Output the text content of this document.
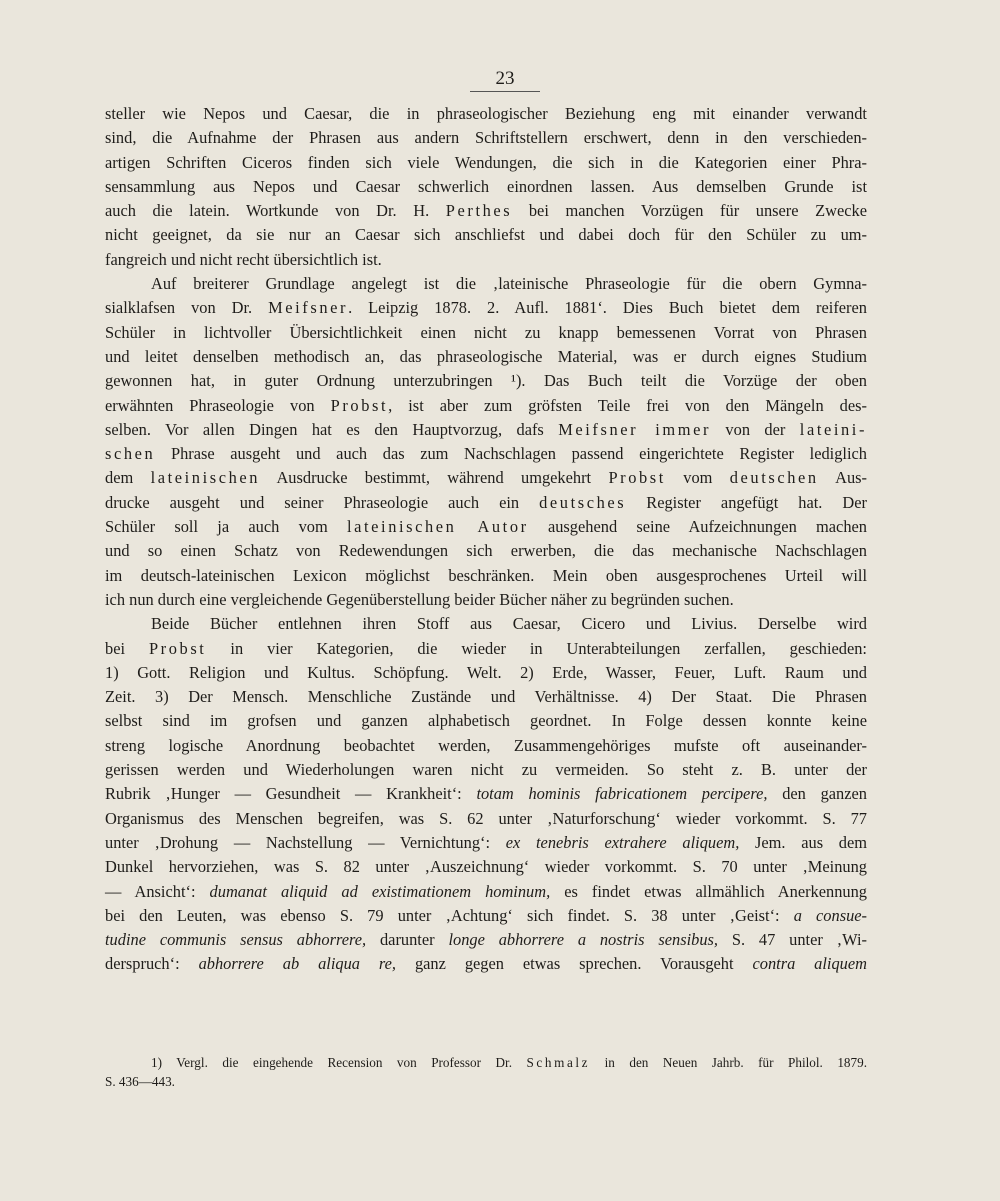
23
steller wie Nepos und Caesar, die in phraseologischer Beziehung eng mit einander verwandt
sind, die Aufnahme der Phrasen aus andern Schriftstellern erschwert, denn in den verschieden-
artigen Schriften Ciceros finden sich viele Wendungen, die sich in die Kategorien einer Phra-
sensammlung aus Nepos und Caesar schwerlich einordnen lassen. Aus demselben Grunde ist
auch die latein. Wortkunde von Dr. H. Perthes bei manchen Vorzügen für unsere Zwecke
nicht geeignet, da sie nur an Caesar sich anschliefst und dabei doch für den Schüler zu um-
fangreich und nicht recht übersichtlich ist.
Auf breiterer Grundlage angelegt ist die ‚lateinische Phraseologie für die obern Gymna-
sialklafsen von Dr. Meifsner. Leipzig 1878. 2. Aufl. 1881‘. Dies Buch bietet dem reiferen
Schüler in lichtvoller Übersichtlichkeit einen nicht zu knapp bemessenen Vorrat von Phrasen
und leitet denselben methodisch an, das phraseologische Material, was er durch eignes Studium
gewonnen hat, in guter Ordnung unterzubringen ¹). Das Buch teilt die Vorzüge der oben
erwähnten Phraseologie von Probst, ist aber zum gröfsten Teile frei von den Mängeln des-
selben. Vor allen Dingen hat es den Hauptvorzug, dafs Meifsner immer von der lateini-
schen Phrase ausgeht und auch das zum Nachschlagen passend eingerichtete Register lediglich
dem lateinischen Ausdrucke bestimmt, während umgekehrt Probst vom deutschen Aus-
drucke ausgeht und seiner Phraseologie auch ein deutsches Register angefügt hat. Der
Schüler soll ja auch vom lateinischen Autor ausgehend seine Aufzeichnungen machen
und so einen Schatz von Redewendungen sich erwerben, die das mechanische Nachschlagen
im deutsch-lateinischen Lexicon möglichst beschränken. Mein oben ausgesprochenes Urteil will
ich nun durch eine vergleichende Gegenüberstellung beider Bücher näher zu begründen suchen.
Beide Bücher entlehnen ihren Stoff aus Caesar, Cicero und Livius. Derselbe wird
bei Probst in vier Kategorien, die wieder in Unterabteilungen zerfallen, geschieden:
1) Gott. Religion und Kultus. Schöpfung. Welt. 2) Erde, Wasser, Feuer, Luft. Raum und
Zeit. 3) Der Mensch. Menschliche Zustände und Verhältnisse. 4) Der Staat. Die Phrasen
selbst sind im grofsen und ganzen alphabetisch geordnet. In Folge dessen konnte keine
streng logische Anordnung beobachtet werden, Zusammengehöriges mufste oft auseinander-
gerissen werden und Wiederholungen waren nicht zu vermeiden. So steht z. B. unter der
Rubrik ‚Hunger — Gesundheit — Krankheit‘: totam hominis fabricationem percipere, den ganzen
Organismus des Menschen begreifen, was S. 62 unter ‚Naturforschung‘ wieder vorkommt. S. 77
unter ‚Drohung — Nachstellung — Vernichtung‘: ex tenebris extrahere aliquem, Jem. aus dem
Dunkel hervorziehen, was S. 82 unter ‚Auszeichnung‘ wieder vorkommt. S. 70 unter ‚Meinung
— Ansicht‘: dumanat aliquid ad existimationem hominum, es findet etwas allmählich Anerkennung
bei den Leuten, was ebenso S. 79 unter ‚Achtung‘ sich findet. S. 38 unter ‚Geist‘: a consue-
tudine communis sensus abhorrere, darunter longe abhorrere a nostris sensibus, S. 47 unter ‚Wi-
derspruch‘: abhorrere ab aliqua re, ganz gegen etwas sprechen. Vorausgeht contra aliquem
1) Vergl. die eingehende Recension von Professor Dr. Schmalz in den Neuen Jahrb. für Philol. 1879.
S. 436—443.
